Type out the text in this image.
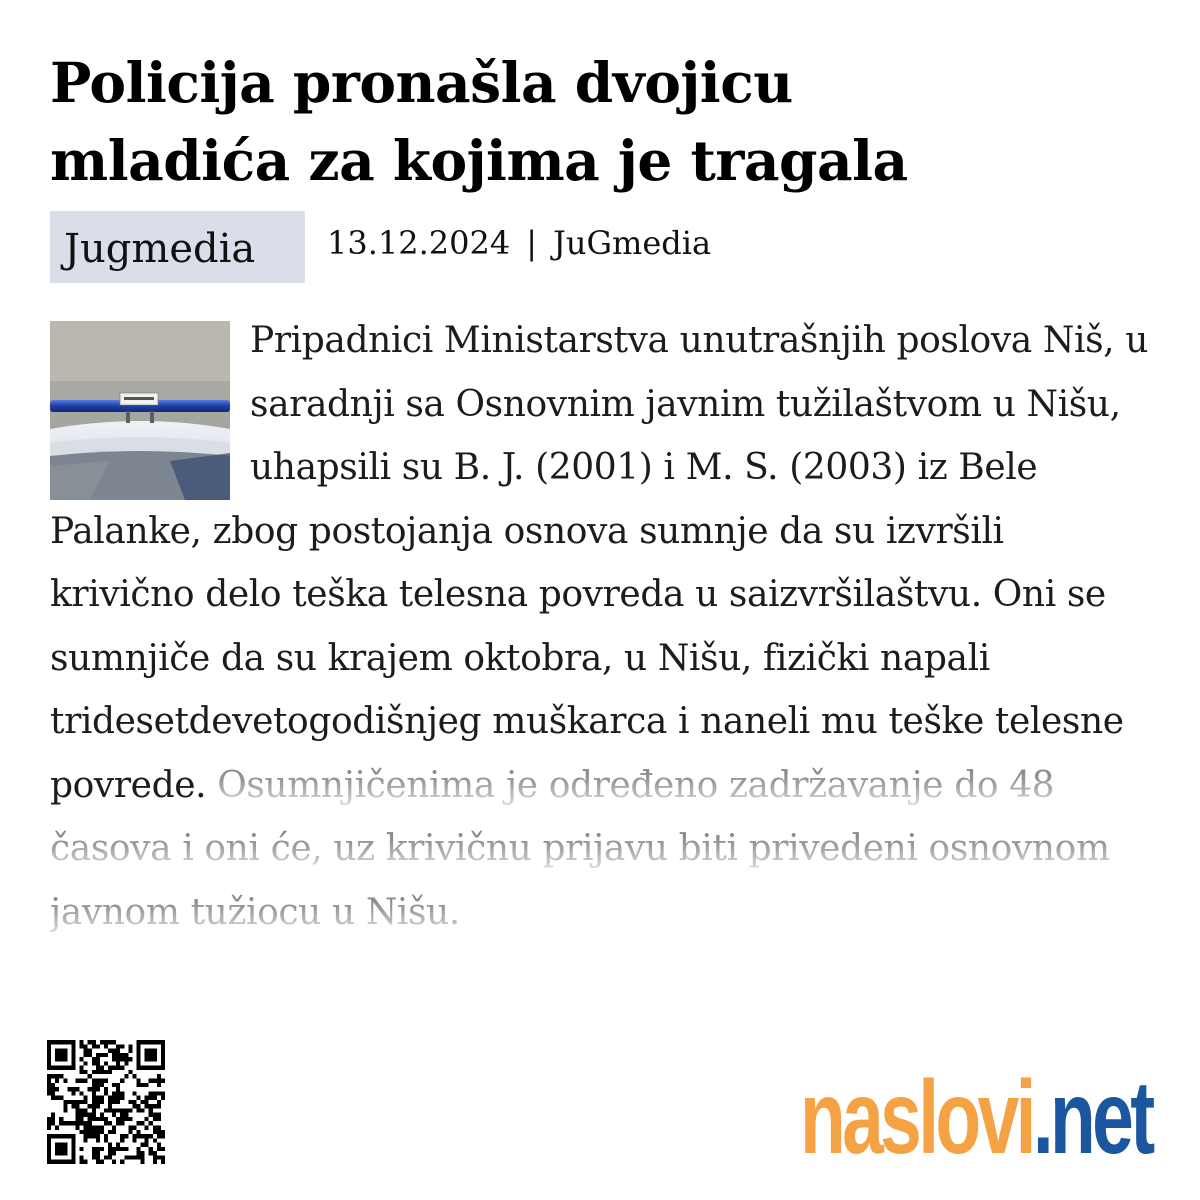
Policija pronašla dvojicu
mladića za kojima je tragala
Jugmedia	13.12.2024 | JuGmedia
Pripadnici Ministarstva unutrašnjih poslova Niš, u saradnji sa Osnovnim javnim tužilaštvom u Nišu, uhapsili su B. J. (2001) i M. S. (2003) iz Bele Palanke, zbog postojanja osnova sumnje da su izvršili krivično delo teška telesna povreda u saizvršilaštvu. Oni se sumnjiče da su krajem oktobra, u Nišu, fizički napali tridesetdevetogodišnjeg muškarca i naneli mu teške telesne povrede. Osumnjičenima je određeno zadržavanje do 48 časova i oni će, uz krivičnu prijavu biti privedeni osnovnom javnom tužiocu u Nišu.
naslovi.net
